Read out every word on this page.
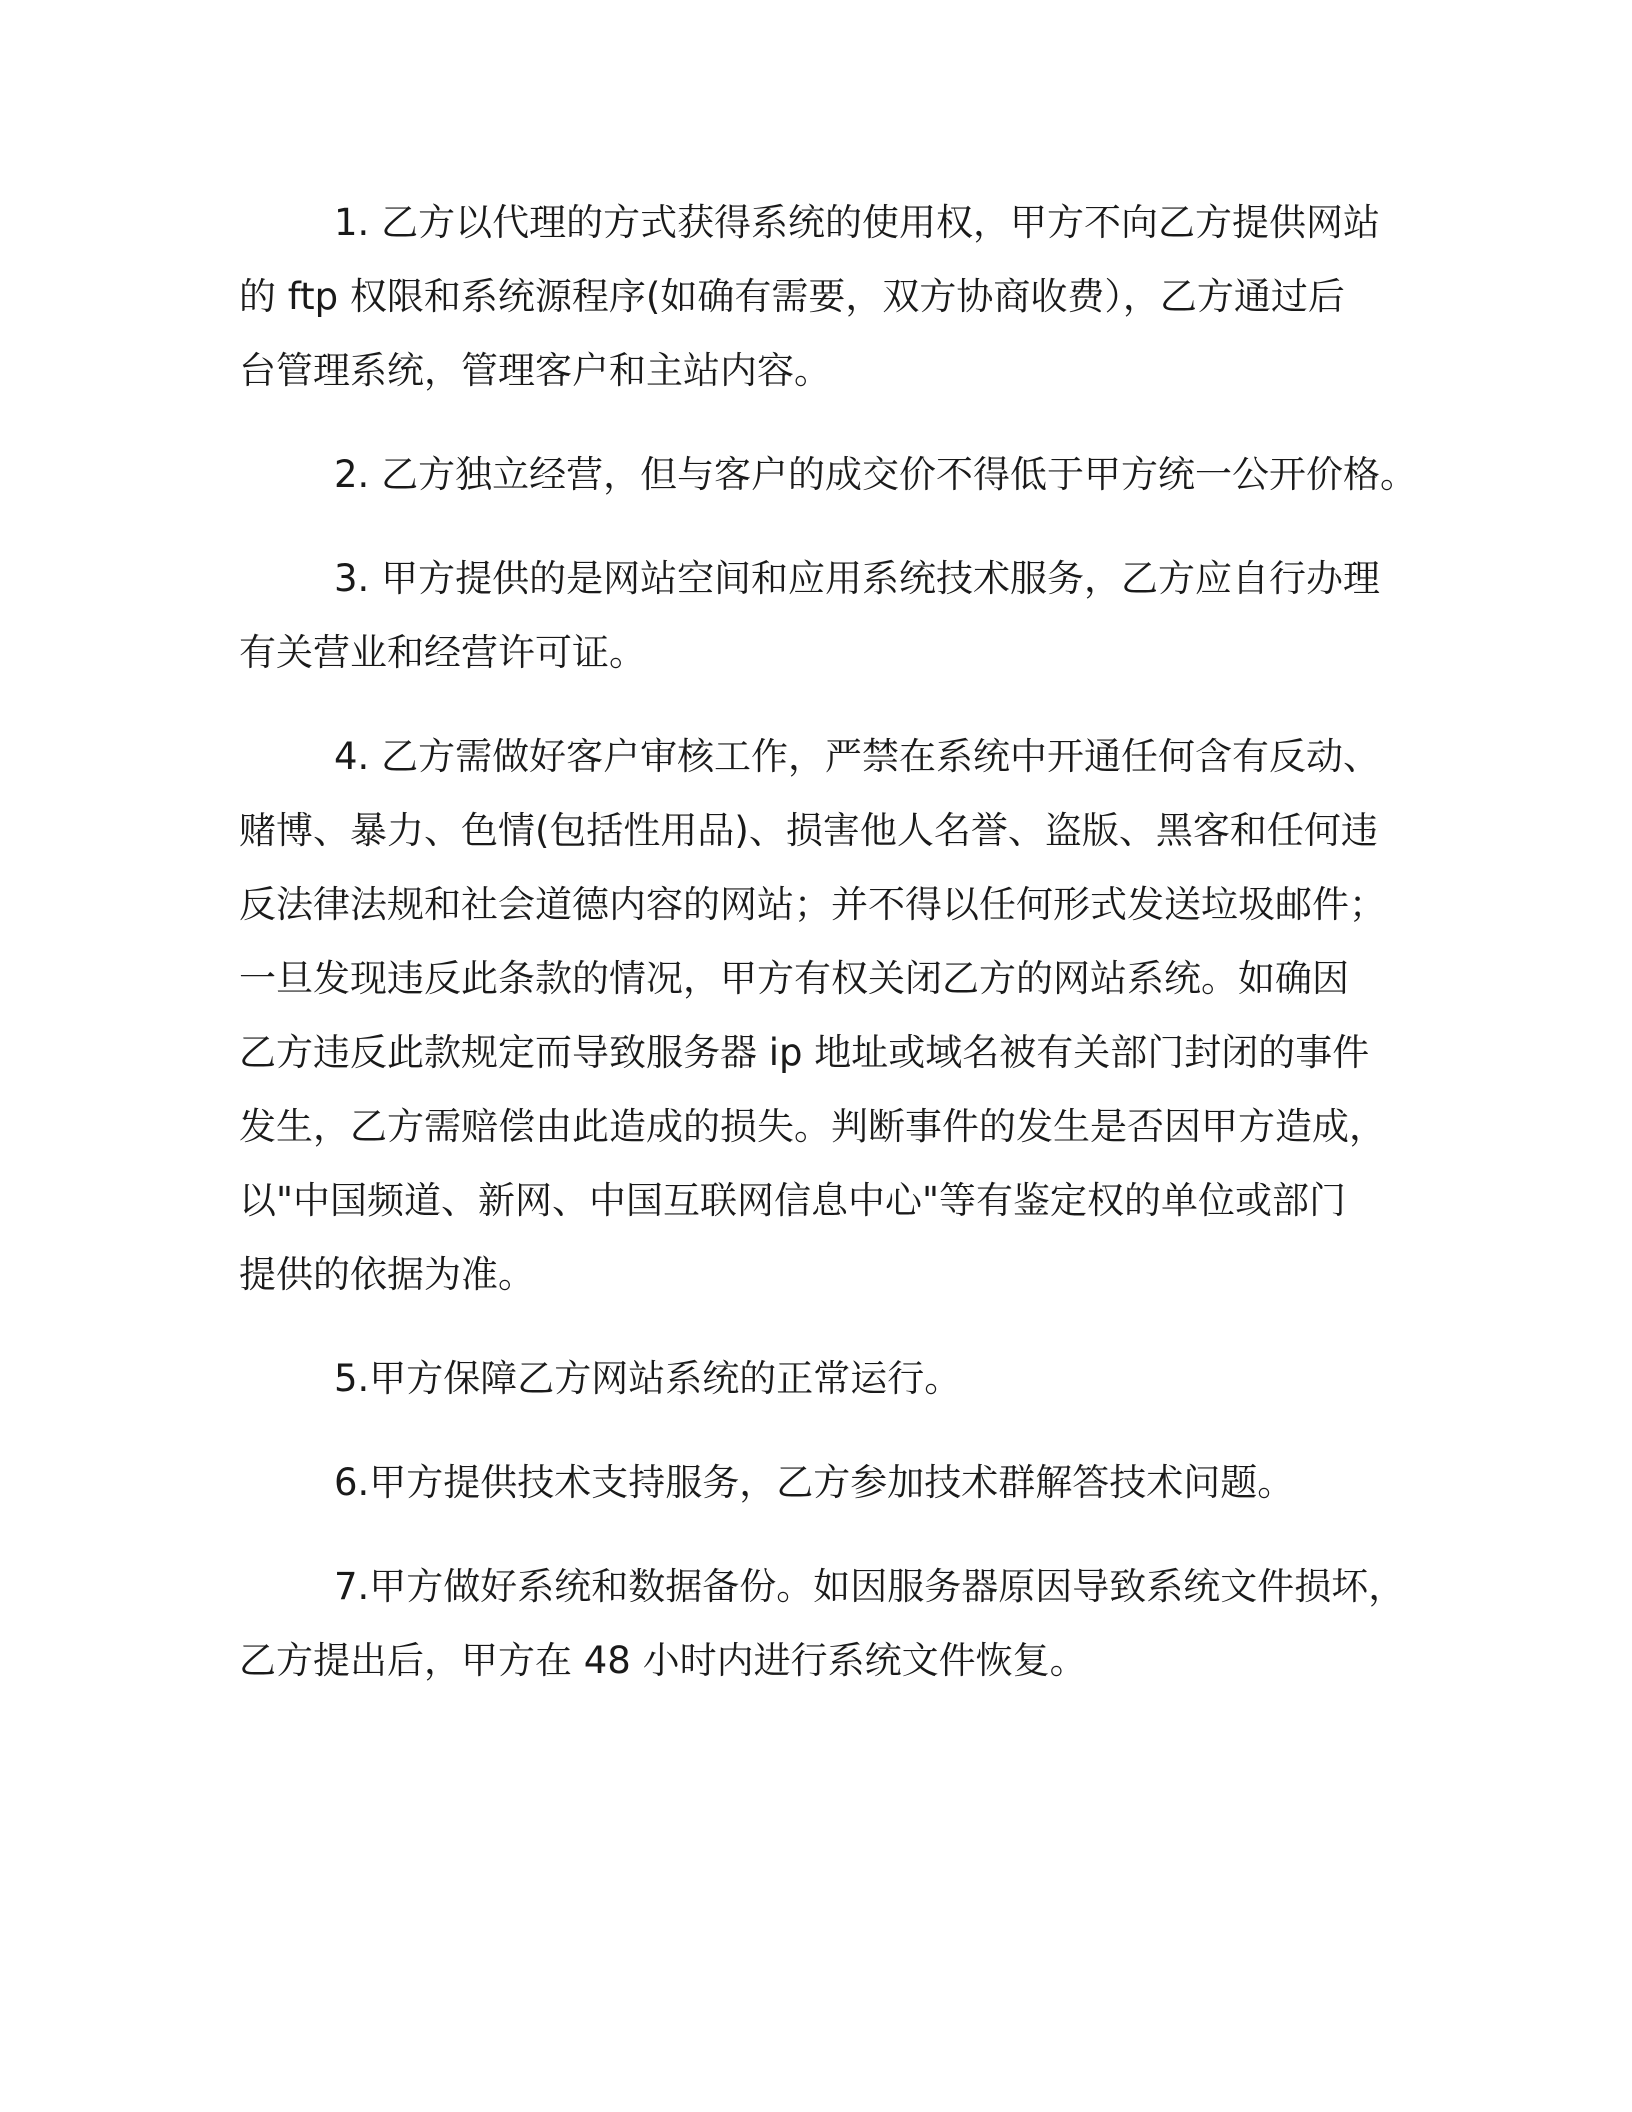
1. 乙方以代理的方式获得系统的使用权，甲方不向乙方提供网站
的 ftp 权限和系统源程序(如确有需要，双方协商收费），乙方通过后
台管理系统，管理客户和主站内容。

2. 乙方独立经营，但与客户的成交价不得低于甲方统一公开价格。

3. 甲方提供的是网站空间和应用系统技术服务，乙方应自行办理
有关营业和经营许可证。

4. 乙方需做好客户审核工作，严禁在系统中开通任何含有反动、
赌博、暴力、色情(包括性用品)、损害他人名誉、盗版、黑客和任何违
反法律法规和社会道德内容的网站；并不得以任何形式发送垃圾邮件；
一旦发现违反此条款的情况，甲方有权关闭乙方的网站系统。如确因
乙方违反此款规定而导致服务器 ip 地址或域名被有关部门封闭的事件
发生，乙方需赔偿由此造成的损失。判断事件的发生是否因甲方造成，
以"中国频道、新网、中国互联网信息中心"等有鉴定权的单位或部门
提供的依据为准。

5.甲方保障乙方网站系统的正常运行。

6.甲方提供技术支持服务，乙方参加技术群解答技术问题。

7.甲方做好系统和数据备份。如因服务器原因导致系统文件损坏，
乙方提出后，甲方在 48 小时内进行系统文件恢复。
